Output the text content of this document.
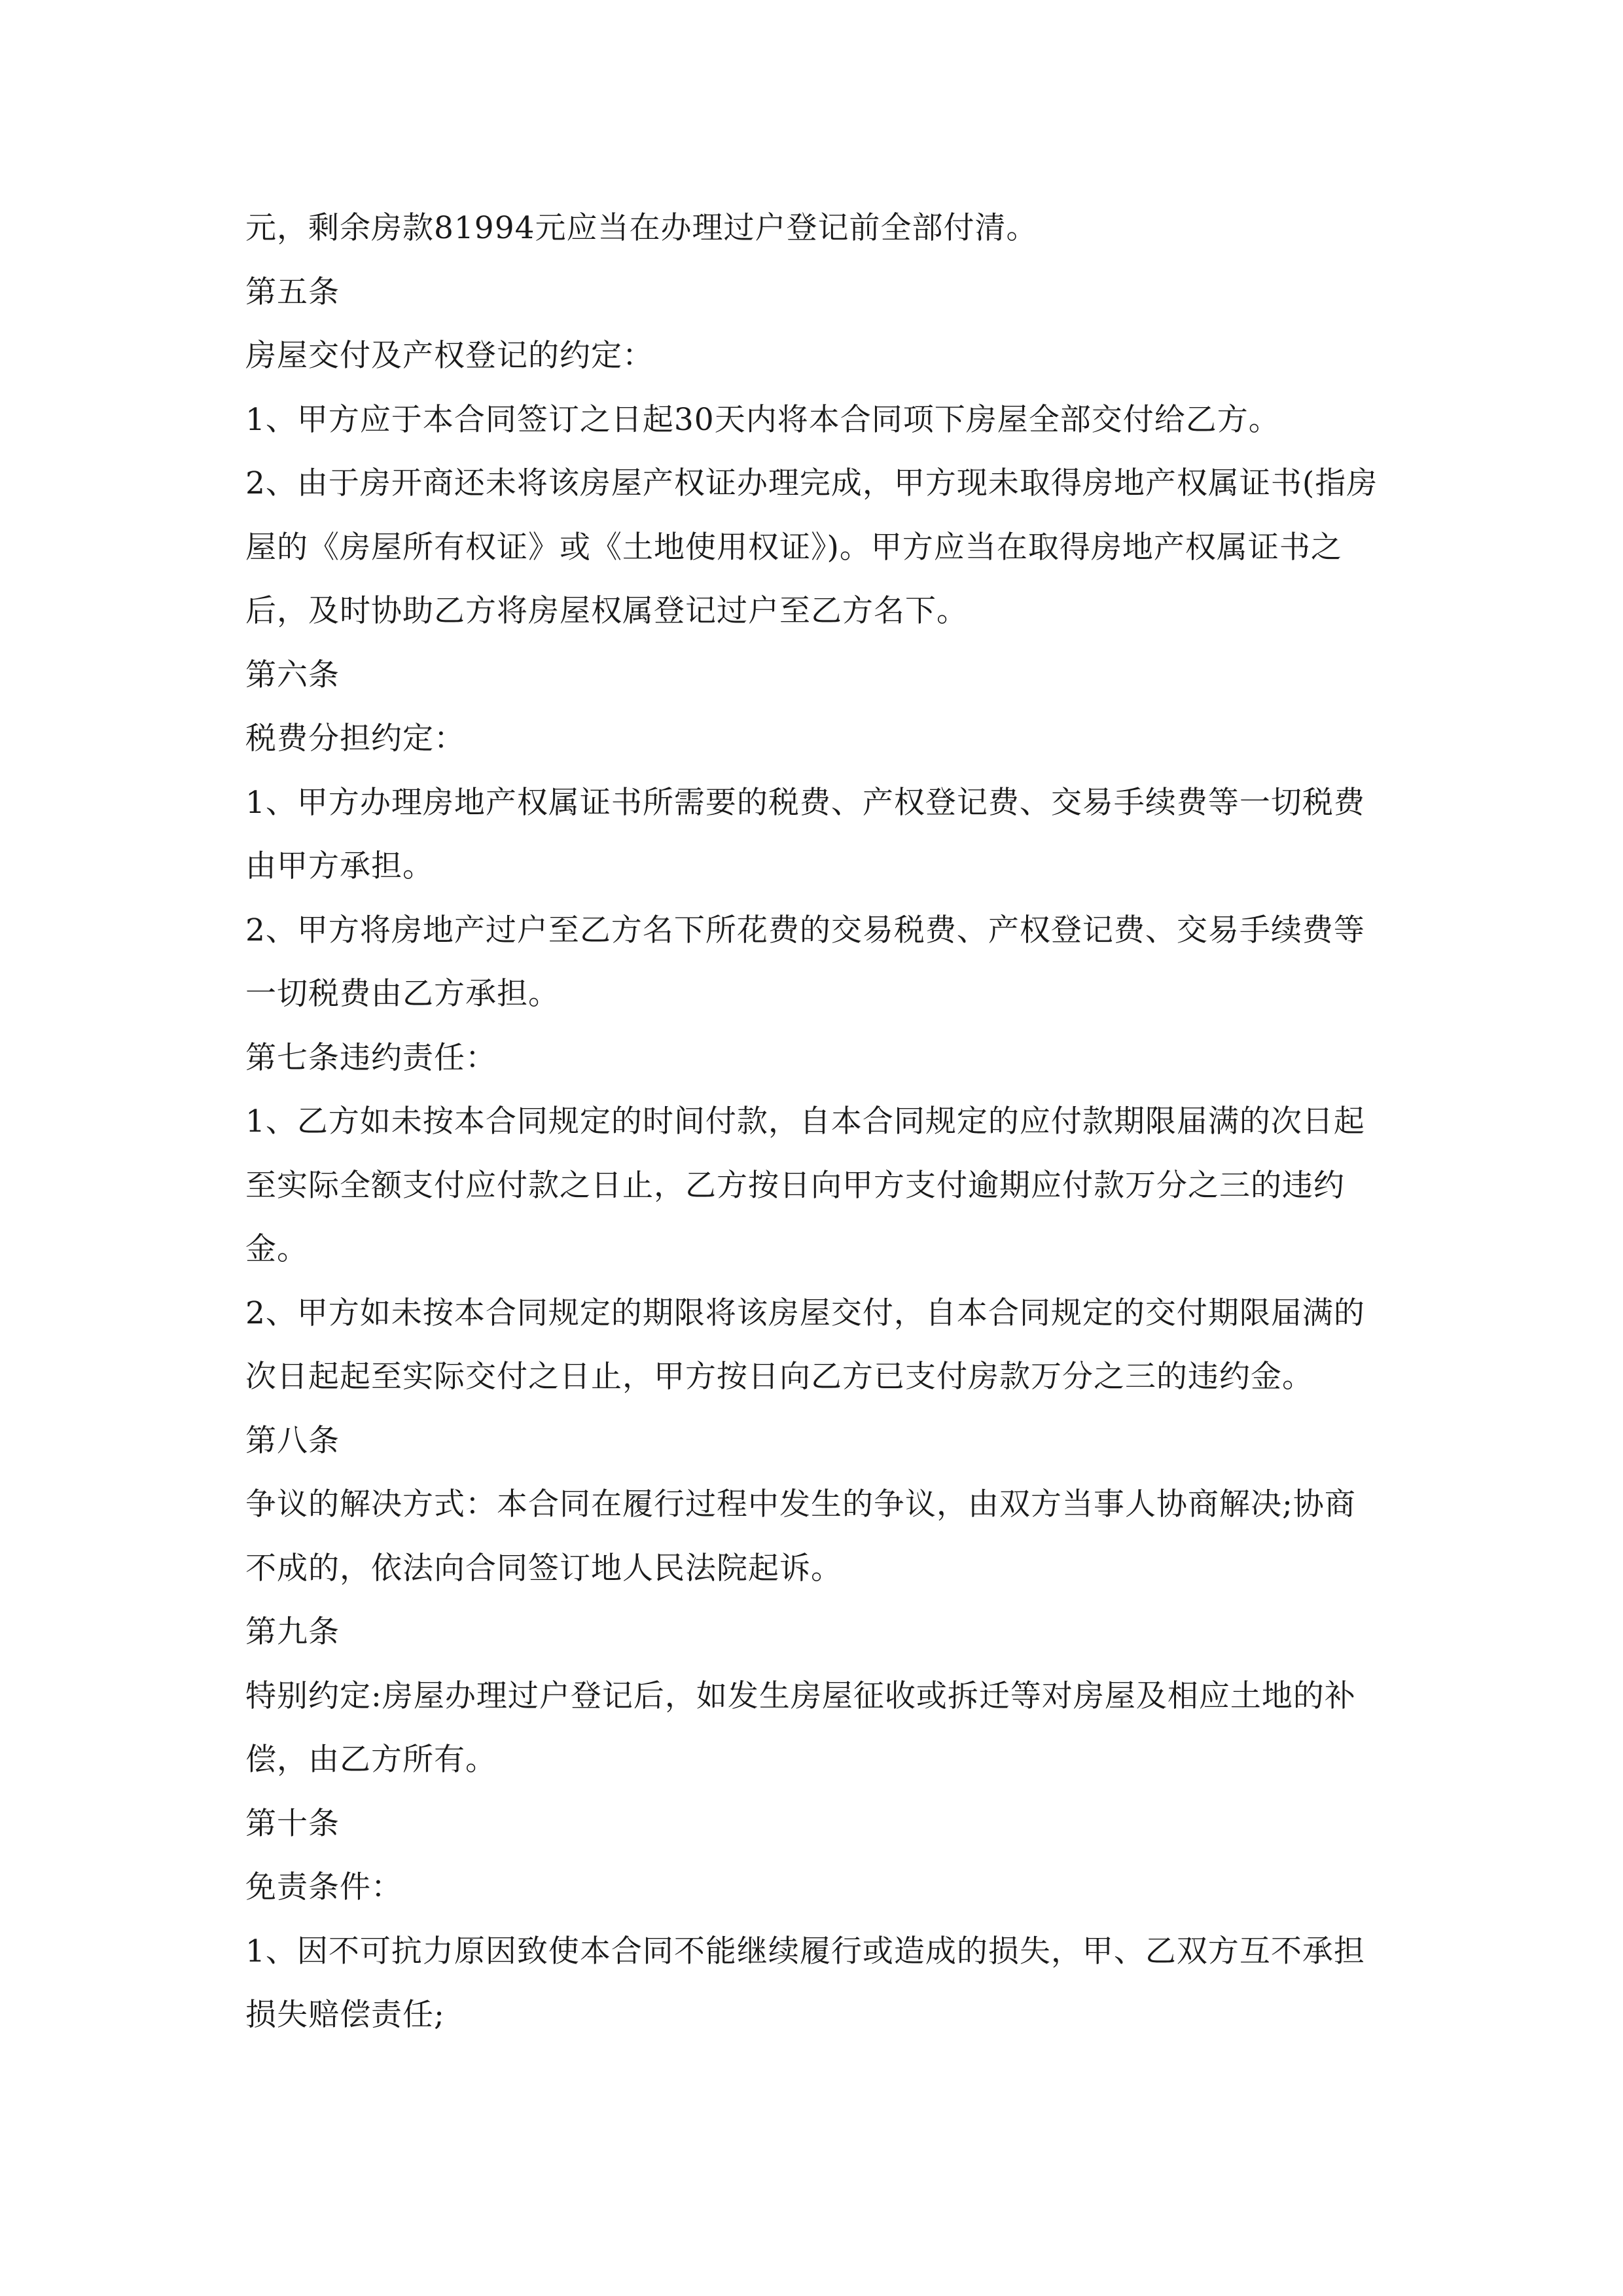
元，剩余房款81994元应当在办理过户登记前全部付清。

第五条

房屋交付及产权登记的约定：

1、甲方应于本合同签订之日起30天内将本合同项下房屋全部交付给乙方。

2、由于房开商还未将该房屋产权证办理完成，甲方现未取得房地产权属证书(指房屋的《房屋所有权证》或《土地使用权证》)。甲方应当在取得房地产权属证书之后，及时协助乙方将房屋权属登记过户至乙方名下。

第六条

税费分担约定：

1、甲方办理房地产权属证书所需要的税费、产权登记费、交易手续费等一切税费由甲方承担。

2、甲方将房地产过户至乙方名下所花费的交易税费、产权登记费、交易手续费等一切税费由乙方承担。

第七条违约责任：

1、乙方如未按本合同规定的时间付款，自本合同规定的应付款期限届满的次日起至实际全额支付应付款之日止，乙方按日向甲方支付逾期应付款万分之三的违约金。

2、甲方如未按本合同规定的期限将该房屋交付，自本合同规定的交付期限届满的次日起起至实际交付之日止，甲方按日向乙方已支付房款万分之三的违约金。

第八条

争议的解决方式：本合同在履行过程中发生的争议，由双方当事人协商解决;协商不成的，依法向合同签订地人民法院起诉。

第九条

特别约定:房屋办理过户登记后，如发生房屋征收或拆迁等对房屋及相应土地的补偿，由乙方所有。

第十条

免责条件：

1、因不可抗力原因致使本合同不能继续履行或造成的损失，甲、乙双方互不承担损失赔偿责任;
